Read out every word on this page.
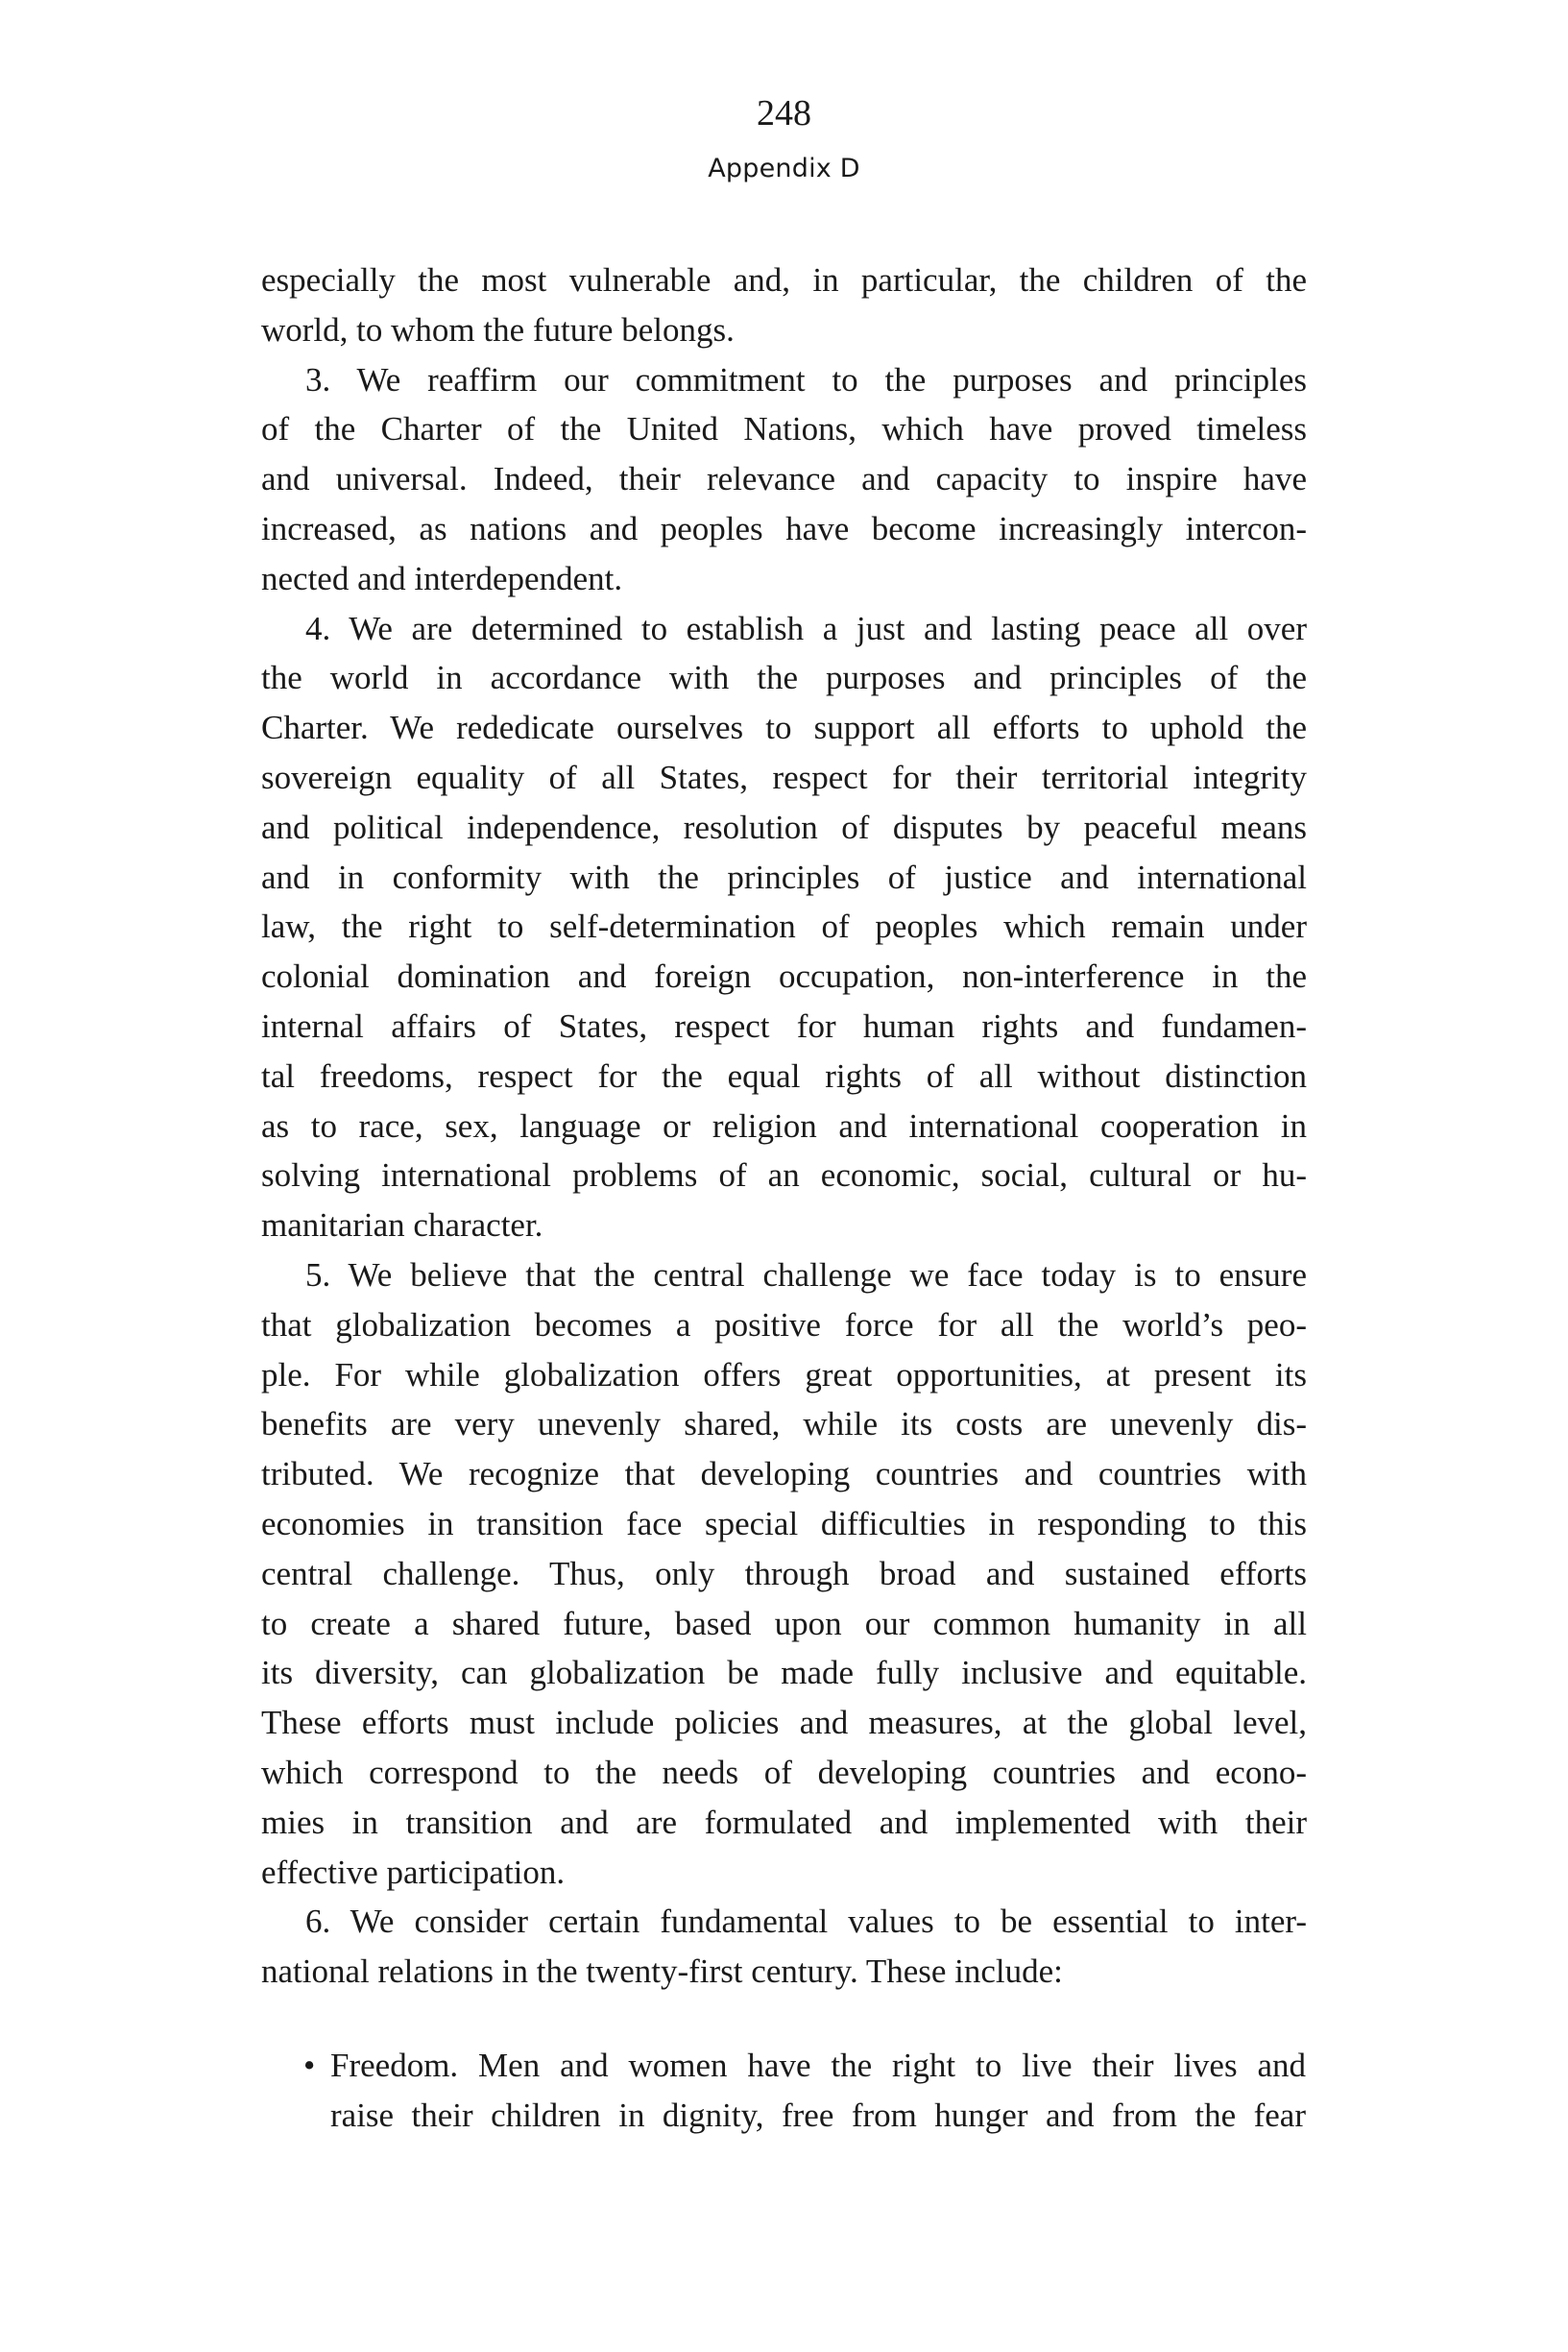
248
Appendix D
especially the most vulnerable and, in particular, the children of the
world, to whom the future belongs.
3. We reaffirm our commitment to the purposes and principles
of the Charter of the United Nations, which have proved timeless
and universal. Indeed, their relevance and capacity to inspire have
increased, as nations and peoples have become increasingly intercon-
nected and interdependent.
4. We are determined to establish a just and lasting peace all over
the world in accordance with the purposes and principles of the
Charter. We rededicate ourselves to support all efforts to uphold the
sovereign equality of all States, respect for their territorial integrity
and political independence, resolution of disputes by peaceful means
and in conformity with the principles of justice and international
law, the right to self-determination of peoples which remain under
colonial domination and foreign occupation, non-interference in the
internal affairs of States, respect for human rights and fundamen-
tal freedoms, respect for the equal rights of all without distinction
as to race, sex, language or religion and international cooperation in
solving international problems of an economic, social, cultural or hu-
manitarian character.
5. We believe that the central challenge we face today is to ensure
that globalization becomes a positive force for all the world’s peo-
ple. For while globalization offers great opportunities, at present its
benefits are very unevenly shared, while its costs are unevenly dis-
tributed. We recognize that developing countries and countries with
economies in transition face special difficulties in responding to this
central challenge. Thus, only through broad and sustained efforts
to create a shared future, based upon our common humanity in all
its diversity, can globalization be made fully inclusive and equitable.
These efforts must include policies and measures, at the global level,
which correspond to the needs of developing countries and econo-
mies in transition and are formulated and implemented with their
effective participation.
6. We consider certain fundamental values to be essential to inter-
national relations in the twenty-first century. These include:
• Freedom. Men and women have the right to live their lives and
raise their children in dignity, free from hunger and from the fear
